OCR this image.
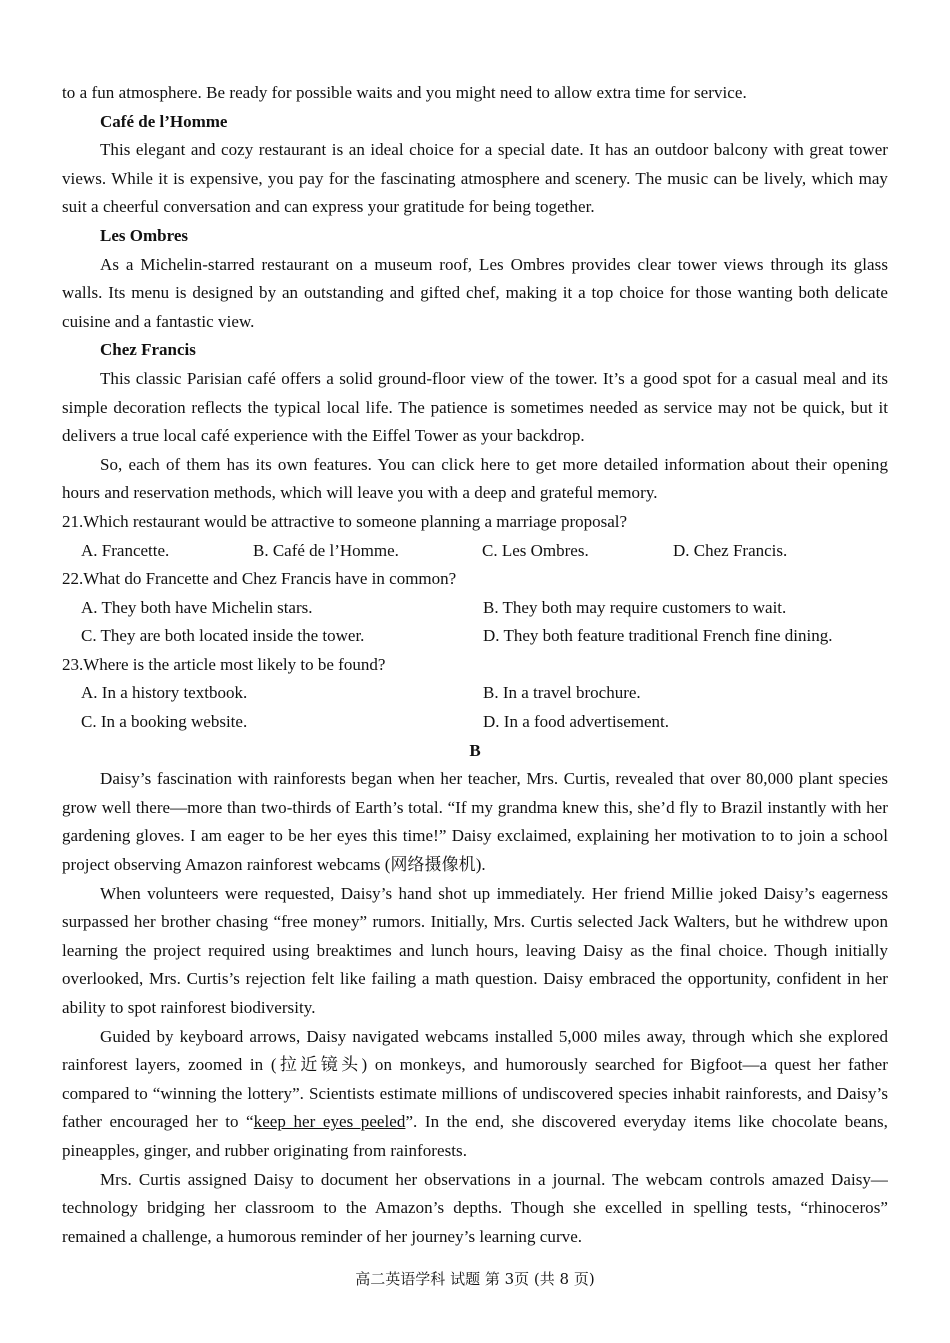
to a fun atmosphere. Be ready for possible waits and you might need to allow extra time for service.

Café de l’Homme

This elegant and cozy restaurant is an ideal choice for a special date. It has an outdoor balcony with great tower views. While it is expensive, you pay for the fascinating atmosphere and scenery. The music can be lively, which may suit a cheerful conversation and can express your gratitude for being together.

Les Ombres

As a Michelin-starred restaurant on a museum roof, Les Ombres provides clear tower views through its glass walls. Its menu is designed by an outstanding and gifted chef, making it a top choice for those wanting both delicate cuisine and a fantastic view.

Chez Francis

This classic Parisian café offers a solid ground-floor view of the tower. It’s a good spot for a casual meal and its simple decoration reflects the typical local life. The patience is sometimes needed as service may not be quick, but it delivers a true local café experience with the Eiffel Tower as your backdrop.

So, each of them has its own features. You can click here to get more detailed information about their opening hours and reservation methods, which will leave you with a deep and grateful memory.

21.Which restaurant would be attractive to someone planning a marriage proposal?

A. Francette.	B. Café de l’Homme.	C. Les Ombres.	D. Chez Francis.

22.What do Francette and Chez Francis have in common?

A. They both have Michelin stars.	B. They both may require customers to wait.
C. They are both located inside the tower.	D. They both feature traditional French fine dining.

23.Where is the article most likely to be found?

A. In a history textbook.	B. In a travel brochure.
C. In a booking website.	D. In a food advertisement.

B

Daisy’s fascination with rainforests began when her teacher, Mrs. Curtis, revealed that over 80,000 plant species grow well there—more than two-thirds of Earth’s total. “If my grandma knew this, she’d fly to Brazil instantly with her gardening gloves. I am eager to be her eyes this time!” Daisy exclaimed, explaining her motivation to to join a school project observing Amazon rainforest webcams (网络摄像机).

When volunteers were requested, Daisy’s hand shot up immediately. Her friend Millie joked Daisy’s eagerness surpassed her brother chasing “free money” rumors. Initially, Mrs. Curtis selected Jack Walters, but he withdrew upon learning the project required using breaktimes and lunch hours, leaving Daisy as the final choice. Though initially overlooked, Mrs. Curtis’s rejection felt like failing a math question. Daisy embraced the opportunity, confident in her ability to spot rainforest biodiversity.

Guided by keyboard arrows, Daisy navigated webcams installed 5,000 miles away, through which she explored rainforest layers, zoomed in (拉近镜头) on monkeys, and humorously searched for Bigfoot—a quest her father compared to “winning the lottery”. Scientists estimate millions of undiscovered species inhabit rainforests, and Daisy’s father encouraged her to “keep her eyes peeled”. In the end, she discovered everyday items like chocolate beans, pineapples, ginger, and rubber originating from rainforests.

Mrs. Curtis assigned Daisy to document her observations in a journal. The webcam controls amazed Daisy—technology bridging her classroom to the Amazon’s depths. Though she excelled in spelling tests, “rhinoceros” remained a challenge, a humorous reminder of her journey’s learning curve.

高二英语学科 试题 第 3页 (共 8 页)
